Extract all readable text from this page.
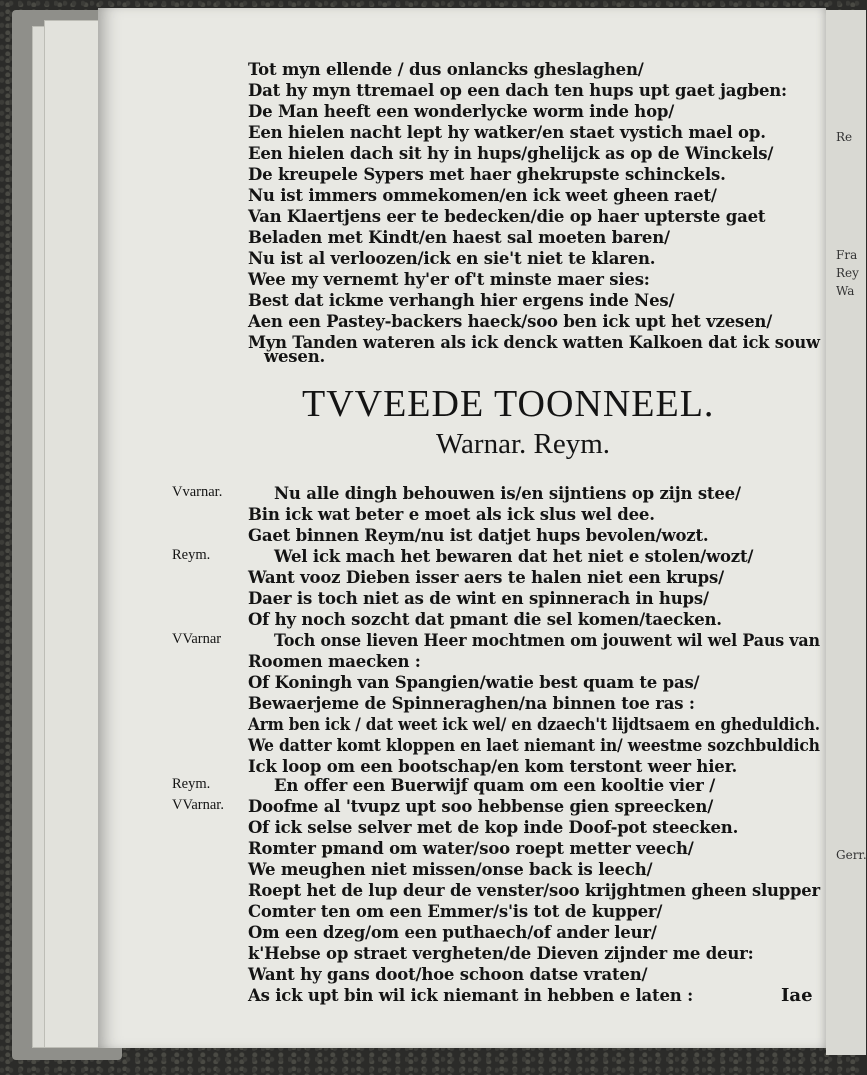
Re
Fra
Rey
Wa
Gerr.
Tot myn ellende / dus onlancks gheslaghen/
Dat hy myn ttremael op een dach ten hups upt gaet jagben:
De Man heeft een wonderlycke worm inde hop/
Een hielen nacht lept hy watker/en staet vystich mael op.
Een hielen dach sit hy in hups/ghelijck as op de Winckels/
De kreupele Sypers met haer ghekrupste schinckels.
Nu ist immers ommekomen/en ick weet gheen raet/
Van Klaertjens eer te bedecken/die op haer upterste gaet
Beladen met Kindt/en haest sal moeten baren/
Nu ist al verloozen/ick en sie't niet te klaren.
Wee my vernemt hy'er of't minste maer sies:
Best dat ickme verhangh hier ergens inde Nes/
Aen een Pastey-backers haeck/soo ben ick upt het vzesen/
Myn Tanden wateren als ick denck watten Kalkoen dat ick souw
wesen.
TVVEEDE TOONNEEL.
Warnar. Reym.
Vvarnar.	Nu alle dingh behouwen is/en sijntiens op zijn stee/
Bin ick wat beter e moet als ick slus wel dee.
Gaet binnen Reym/nu ist datjet hups bevolen/wozt.
Reym.	Wel ick mach het bewaren dat het niet e stolen/wozt/
Want vooz Dieben isser aers te halen niet een krups/
Daer is toch niet as de wint en spinnerach in hups/
Of hy noch sozcht dat pmant die sel komen/taecken.
VVarnar	Toch onse lieven Heer mochtmen om jouwent wil wel Paus van
Roomen maecken :
Of Koningh van Spangien/watie best quam te pas/
Bewaerjeme de Spinneraghen/na binnen toe ras :
Arm ben ick / dat weet ick wel/ en dzaech't lijdtsaem en gheduldich.
We datter komt kloppen en laet niemant in/ weestme sozchbuldich
Ick loop om een bootschap/en kom terstont weer hier.
Reym.	En offer een Buerwijf quam om een kooltie vier /
VVarnar. Doofme al 'tvupz upt soo hebbense gien spreecken/
Of ick selse selver met de kop inde Doof-pot steecken.
Romter pmand om water/soo roept metter veech/
We meughen niet missen/onse back is leech/
Roept het de lup deur de venster/soo krijghtmen gheen slupper
Comter ten om een Emmer/s'is tot de kupper/
Om een dzeg/om een puthaech/of ander leur/
k'Hebse op straet vergheten/de Dieven zijnder me deur:
Want hy gans doot/hoe schoon datse vraten/
As ick upt bin wil ick niemant in hebben e laten :	Iae
